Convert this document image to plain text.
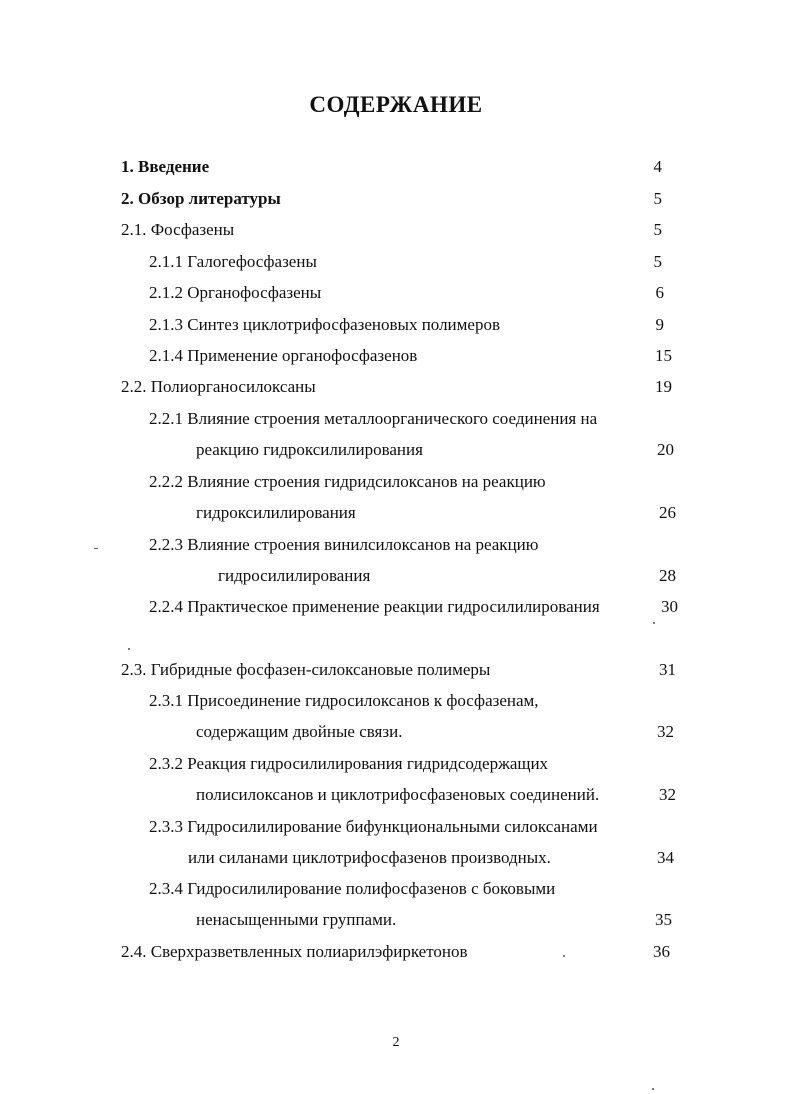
СОДЕРЖАНИЕ
1. Введение	4
2. Обзор литературы	5
2.1. Фосфазены	5
2.1.1 Галогефосфазены	5
2.1.2 Органофосфазены	6
2.1.3 Синтез циклотрифосфазеновых полимеров	9
2.1.4 Применение органофосфазенов	15
2.2. Полиорганосилоксаны	19
2.2.1 Влияние строения металлоорганического соединения на
реакцию гидроксилилирования	20
2.2.2 Влияние строения гидридсилоксанов на реакцию
гидроксилилирования	26
2.2.3 Влияние строения винилсилоксанов на реакцию
гидросилилирования	28
2.2.4 Практическое применение реакции гидросилилирования	30
2.3. Гибридные фосфазен-силоксановые полимеры	31
2.3.1 Присоединение гидросилоксанов к фосфазенам,
содержащим двойные связи.	32
2.3.2 Реакция гидросилилирования гидридсодержащих
полисилоксанов и циклотрифосфазеновых соединений.	32
2.3.3 Гидросилилирование бифункциональными силоксанами
или силанами циклотрифосфазенов производных.	34
2.3.4 Гидросилилирование полифосфазенов с боковыми
ненасыщенными группами.	35
2.4. Сверхразветвленных полиарилэфиркетонов	36
2
